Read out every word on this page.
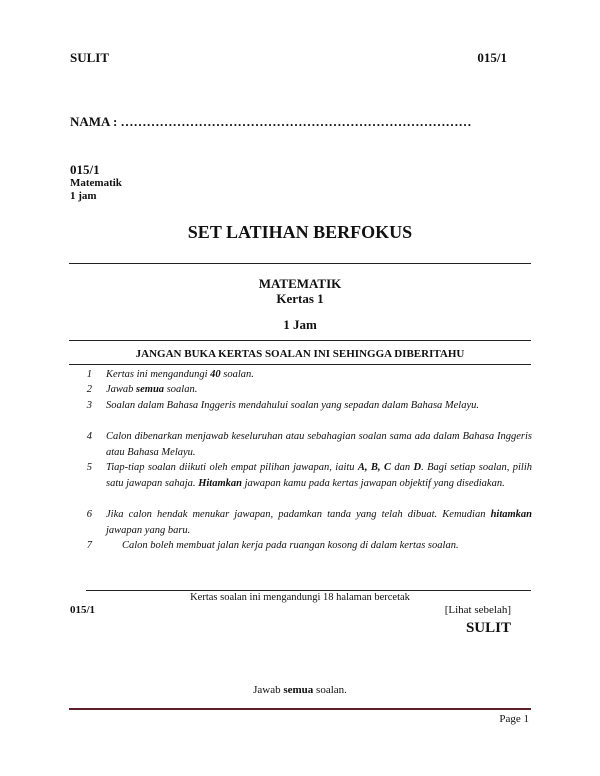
SULIT	015/1
NAMA : ………………………………………………………………………
015/1
Matematik
1 jam
SET LATIHAN BERFOKUS
MATEMATIK
Kertas 1
1 Jam
JANGAN BUKA KERTAS SOALAN INI SEHINGGA DIBERITAHU
1 Kertas ini mengandungi 40 soalan.
2 Jawab semua soalan.
3 Soalan dalam Bahasa Inggeris mendahului soalan yang sepadan dalam Bahasa Melayu.
4 Calon dibenarkan menjawab keseluruhan atau sebahagian soalan sama ada dalam Bahasa Inggeris atau Bahasa Melayu.
5 Tiap-tiap soalan diikuti oleh empat pilihan jawapan, iaitu A, B, C dan D. Bagi setiap soalan, pilih satu jawapan sahaja. Hitamkan jawapan kamu pada kertas jawapan objektif yang disediakan.
6 Jika calon hendak menukar jawapan, padamkan tanda yang telah dibuat. Kemudian hitamkan jawapan yang baru.
7	Calon boleh membuat jalan kerja pada ruangan kosong di dalam kertas soalan.
Kertas soalan ini mengandungi 18 halaman bercetak
015/1	[Lihat sebelah]
SULIT
Jawab semua soalan.
Page 1
